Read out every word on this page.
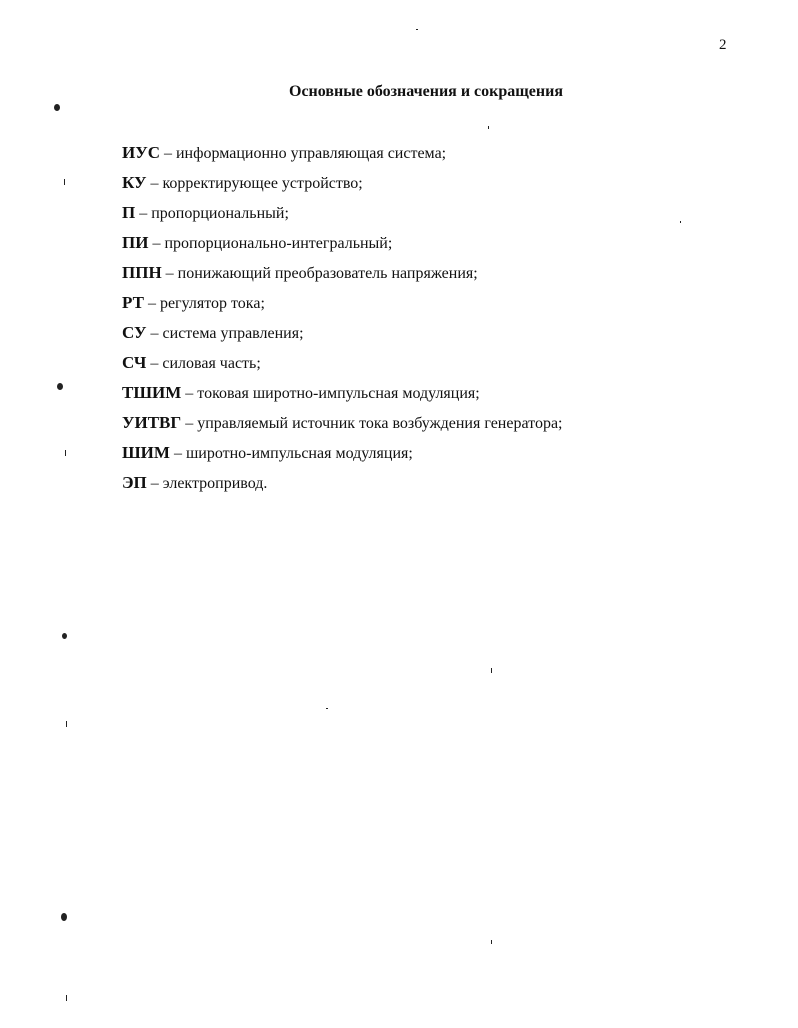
2
Основные обозначения и сокращения
ИУС – информационно управляющая система;
КУ – корректирующее устройство;
П – пропорциональный;
ПИ – пропорционально-интегральный;
ППН – понижающий преобразователь напряжения;
РТ – регулятор тока;
СУ – система управления;
СЧ – силовая часть;
ТШИМ – токовая широтно-импульсная модуляция;
УИТВГ – управляемый источник тока возбуждения генератора;
ШИМ – широтно-импульсная модуляция;
ЭП – электропривод.
